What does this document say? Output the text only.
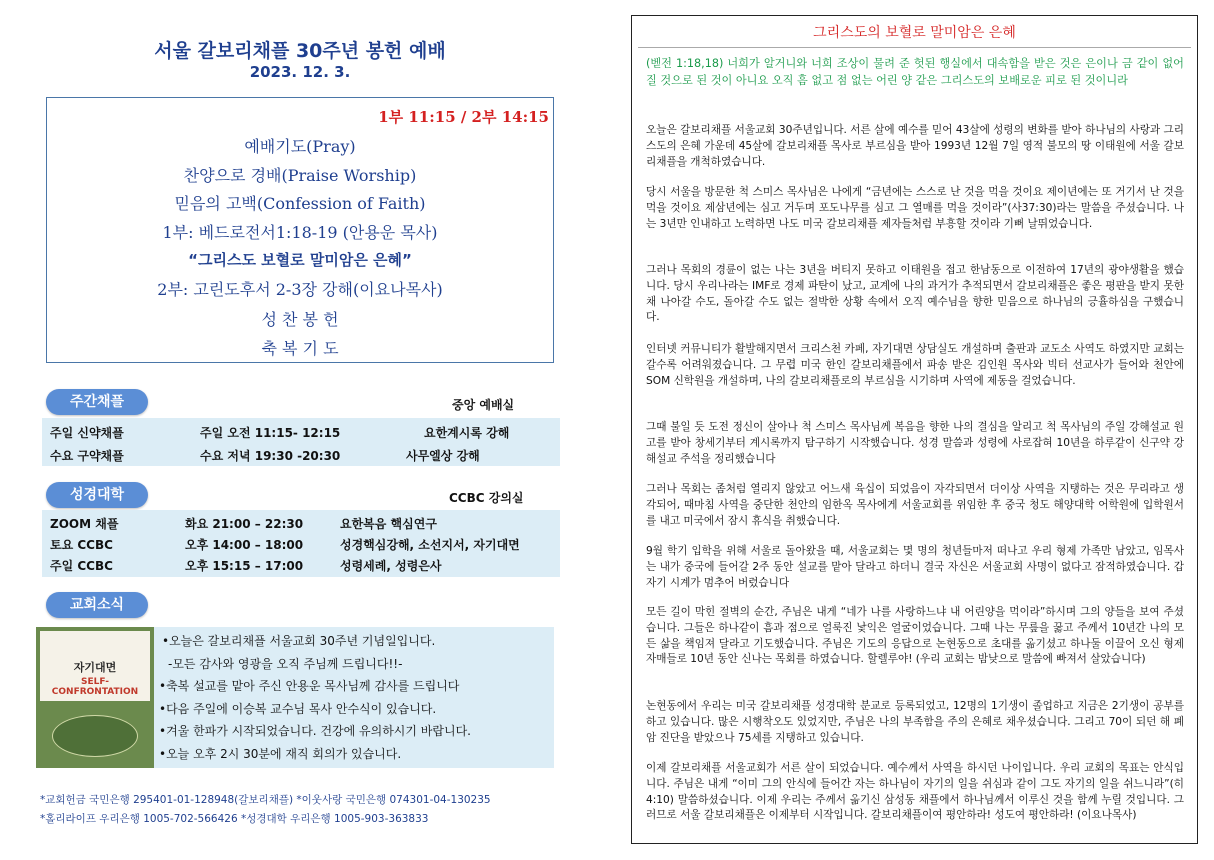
서울 갈보리채플 30주년 봉헌 예배
2023. 12. 3.
1부 11:15 / 2부 14:15
예배기도(Pray)
찬양으로 경배(Praise Worship)
믿음의 고백(Confession of Faith)
1부: 베드로전서1:18-19 (안용운 목사)
“그리스도 보혈로 말미암은 은혜”
2부: 고린도후서 2-3장 강해(이요나목사)
성 찬 봉 헌
축 복 기 도
주간채플	중앙 예배실
주일 신약채플	주일 오전 11:15- 12:15	요한계시록 강해
수요 구약채플	수요 저녁 19:30 -20:30	사무엘상 강해
성경대학	CCBC 강의실
ZOOM 채플	화요 21:00 – 22:30	요한복음 핵심연구
토요 CCBC	오후 14:00 – 18:00	성경핵심강해, 소선지서, 자기대면
주일 CCBC	오후 15:15 – 17:00	성령세례, 성령은사
교회소식
자기대면
SELF-CONFRONTATION
•오늘은 갈보리채플 서울교회 30주년 기념일입니다.
-모든 감사와 영광을 오직 주님께 드립니다!!-
•축복 설교를 맡아 주신 안용운 목사님께 감사를 드립니다
•다음 주일에 이승복 교수님 목사 안수식이 있습니다.
•겨울 한파가 시작되었습니다. 건강에 유의하시기 바랍니다.
•오늘 오후 2시 30분에 재직 회의가 있습니다.
*교회헌금 국민은행 295401-01-128948(갈보리채플) *이웃사랑 국민은행 074301-04-130235
*홀리라이프 우리은행 1005-702-566426 *성경대학 우리은행 1005-903-363833
그리스도의 보혈로 말미암은 은혜
(벧전 1:18,18) 너희가 알거니와 너희 조상이 물려 준 헛된 행실에서 대속함을 받은 것은 은이나 금 같이 없어질 것으로 된 것이 아니요 오직 흠 없고 점 없는 어린 양 같은 그리스도의 보배로운 피로 된 것이니라
오늘은 갈보리채플 서울교회 30주년입니다. 서른 살에 예수를 믿어 43살에 성령의 변화를 받아 하나님의 사랑과 그리스도의 은혜 가운데 45살에 갈보리채플 목사로 부르심을 받아 1993년 12월 7일 영적 불모의 땅 이태원에 서울 갈보리채플을 개척하였습니다.
당시 서울을 방문한 척 스미스 목사님은 나에게 “금년에는 스스로 난 것을 먹을 것이요 제이년에는 또 거기서 난 것을 먹을 것이요 제삼년에는 심고 거두며 포도나무를 심고 그 열매를 먹을 것이라”(사37:30)라는 말씀을 주셨습니다. 나는 3년만 인내하고 노력하면 나도 미국 갈보리채플 제자들처럼 부흥할 것이라 기뻐 날뛰었습니다.
그러나 목회의 경륜이 없는 나는 3년을 버티지 못하고 이태원을 접고 한남동으로 이전하여 17년의 광야생활을 했습니다. 당시 우리나라는 IMF로 경제 파탄이 났고, 교계에 나의 과거가 추적되면서 갈보리채플은 좋은 평판을 받지 못한 채 나아갈 수도, 돌아갈 수도 없는 절박한 상황 속에서 오직 예수님을 향한 믿음으로 하나님의 긍휼하심을 구했습니다.
인터넷 커뮤니티가 활발해지면서 크리스천 카페, 자기대면 상담실도 개설하며 출판과 교도소 사역도 하였지만 교회는 갈수록 어려워졌습니다. 그 무렵 미국 한인 갈보리채플에서 파송 받은 김인원 목사와 빅터 선교사가 들어와 천안에 SOM 신학원을 개설하며, 나의 갈보리채플로의 부르심을 시기하며 사역에 제동을 걸었습니다.
그때 불일 듯 도전 정신이 살아나 척 스미스 목사님께 복음을 향한 나의 결심을 알리고 척 목사님의 주일 강해설교 원고를 받아 창세기부터 계시록까지 탐구하기 시작했습니다. 성경 말씀과 성령에 사로잡혀 10년을 하루같이 신구약 강해설교 주석을 정리했습니다
그러나 목회는 좀처럼 열리지 않았고 어느새 육십이 되었음이 자각되면서 더이상 사역을 지탱하는 것은 무리라고 생각되어, 때마침 사역을 중단한 천안의 임한옥 목사에게 서울교회를 위임한 후 중국 청도 해양대학 어학원에 입학원서를 내고 미국에서 잠시 휴식을 취했습니다.
9월 학기 입학을 위해 서울로 돌아왔을 때, 서울교회는 몇 명의 청년들마저 떠나고 우리 형제 가족만 남았고, 임목사는 내가 중국에 들어갈 2주 동안 설교를 맡아 달라고 하더니 결국 자신은 서울교회 사명이 없다고 잠적하였습니다. 갑자기 시계가 멈추어 버렸습니다
모든 길이 막힌 절벽의 순간, 주님은 내게 “네가 나를 사랑하느냐 내 어린양을 먹이라”하시며 그의 양들을 보여 주셨습니다. 그들은 하나같이 흠과 점으로 얼룩진 낯익은 얼굴이었습니다. 그때 나는 무릎을 꿇고 주께서 10년간 나의 모든 삶을 책임져 달라고 기도했습니다. 주님은 기도의 응답으로 논현동으로 초대를 옮기셨고 하나둘 이끌어 오신 형제자매들로 10년 동안 신나는 목회를 하였습니다. 할렐루야! (우리 교회는 밤낮으로 말씀에 빠져서 살았습니다)
논현동에서 우리는 미국 갈보리채플 성경대학 분교로 등록되었고, 12명의 1기생이 졸업하고 지금은 2기생이 공부를 하고 있습니다. 많은 시행착오도 있었지만, 주님은 나의 부족함을 주의 은혜로 채우셨습니다. 그리고 70이 되던 해 폐암 진단을 받았으나 75세를 지탱하고 있습니다.
이제 갈보리채플 서울교회가 서른 살이 되었습니다. 예수께서 사역을 하시던 나이입니다. 우리 교회의 목표는 안식입니다. 주님은 내게 “이미 그의 안식에 들어간 자는 하나님이 자기의 일을 쉬심과 같이 그도 자기의 일을 쉬느니라”(히 4:10) 말씀하셨습니다. 이제 우리는 주께서 옮기신 삼성동 채플에서 하나님께서 이루신 것을 함께 누릴 것입니다. 그러므로 서울 갈보리채플은 이제부터 시작입니다. 갈보리채플이여 평안하라! 성도여 평안하라! (이요나목사)
